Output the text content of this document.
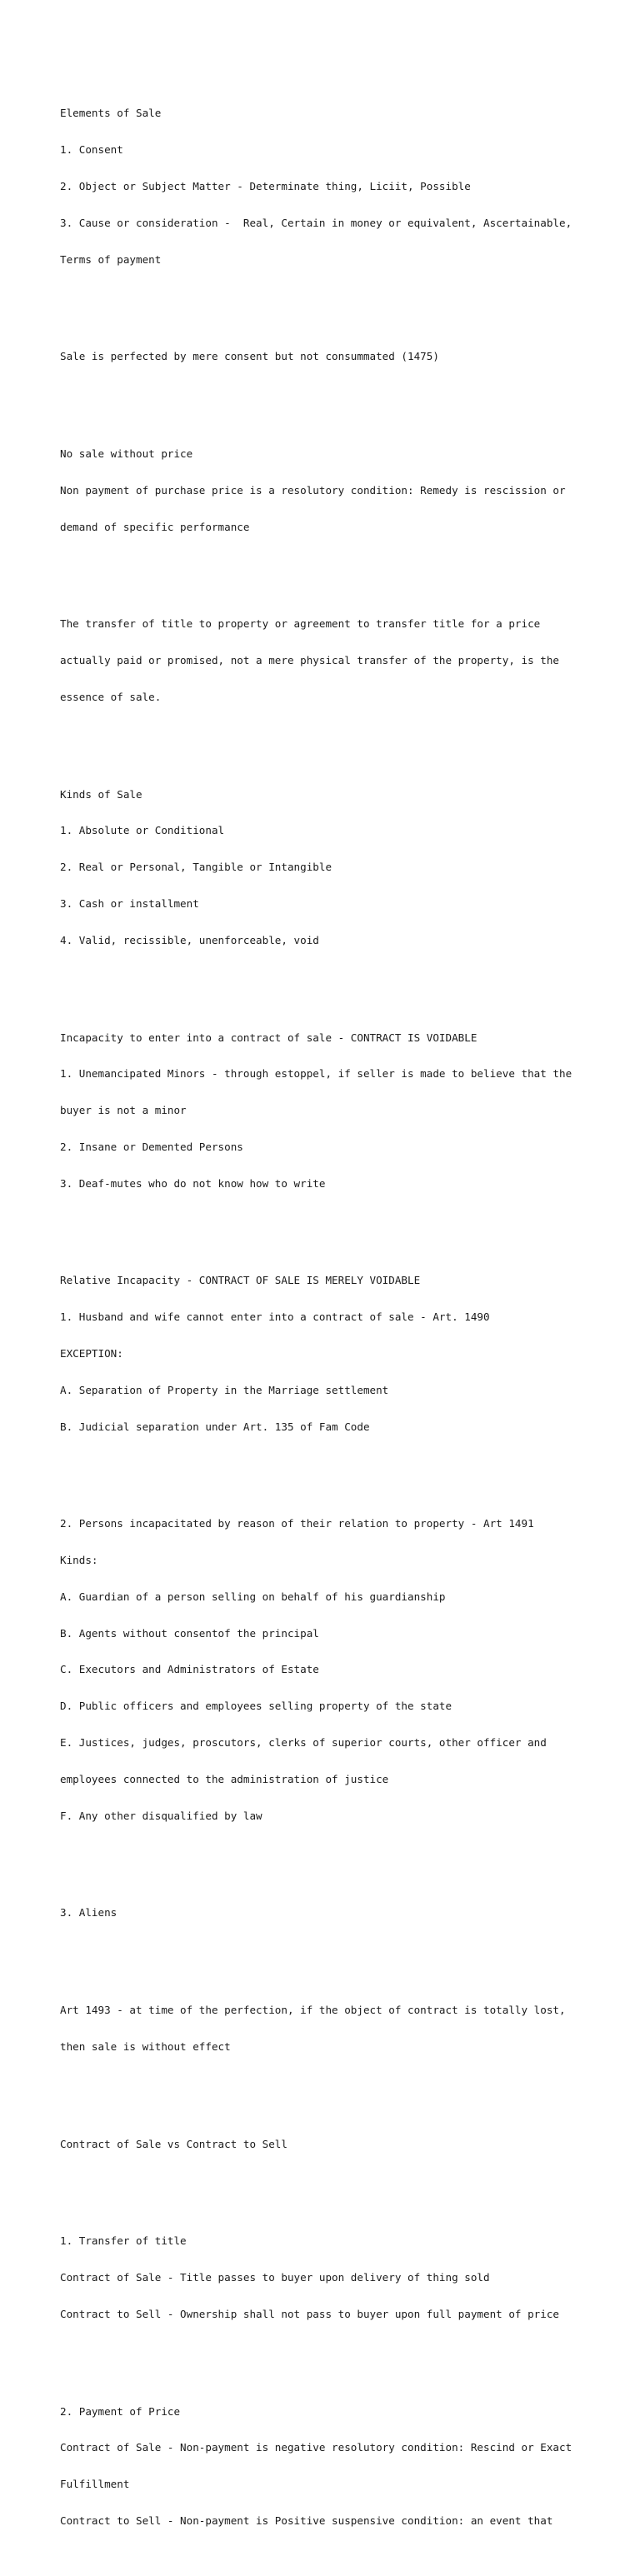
Elements of Sale

1. Consent

2. Object or Subject Matter - Determinate thing, Liciit, Possible

3. Cause or consideration -  Real, Certain in money or equivalent, Ascertainable,

Terms of payment

Sale is perfected by mere consent but not consummated (1475)

No sale without price

Non payment of purchase price is a resolutory condition: Remedy is rescission or

demand of specific performance

The transfer of title to property or agreement to transfer title for a price

actually paid or promised, not a mere physical transfer of the property, is the

essence of sale.

Kinds of Sale

1. Absolute or Conditional

2. Real or Personal, Tangible or Intangible

3. Cash or installment

4. Valid, recissible, unenforceable, void

Incapacity to enter into a contract of sale - CONTRACT IS VOIDABLE

1. Unemancipated Minors - through estoppel, if seller is made to believe that the

buyer is not a minor

2. Insane or Demented Persons

3. Deaf-mutes who do not know how to write

Relative Incapacity - CONTRACT OF SALE IS MERELY VOIDABLE

1. Husband and wife cannot enter into a contract of sale - Art. 1490

EXCEPTION:

A. Separation of Property in the Marriage settlement

B. Judicial separation under Art. 135 of Fam Code

2. Persons incapacitated by reason of their relation to property - Art 1491

Kinds:

A. Guardian of a person selling on behalf of his guardianship

B. Agents without consentof the principal

C. Executors and Administrators of Estate

D. Public officers and employees selling property of the state

E. Justices, judges, proscutors, clerks of superior courts, other officer and

employees connected to the administration of justice

F. Any other disqualified by law

3. Aliens

Art 1493 - at time of the perfection, if the object of contract is totally lost,

then sale is without effect

Contract of Sale vs Contract to Sell

1. Transfer of title

Contract of Sale - Title passes to buyer upon delivery of thing sold

Contract to Sell - Ownership shall not pass to buyer upon full payment of price

2. Payment of Price

Contract of Sale - Non-payment is negative resolutory condition: Rescind or Exact

Fulfillment

Contract to Sell - Non-payment is Positive suspensive condition: an event that
